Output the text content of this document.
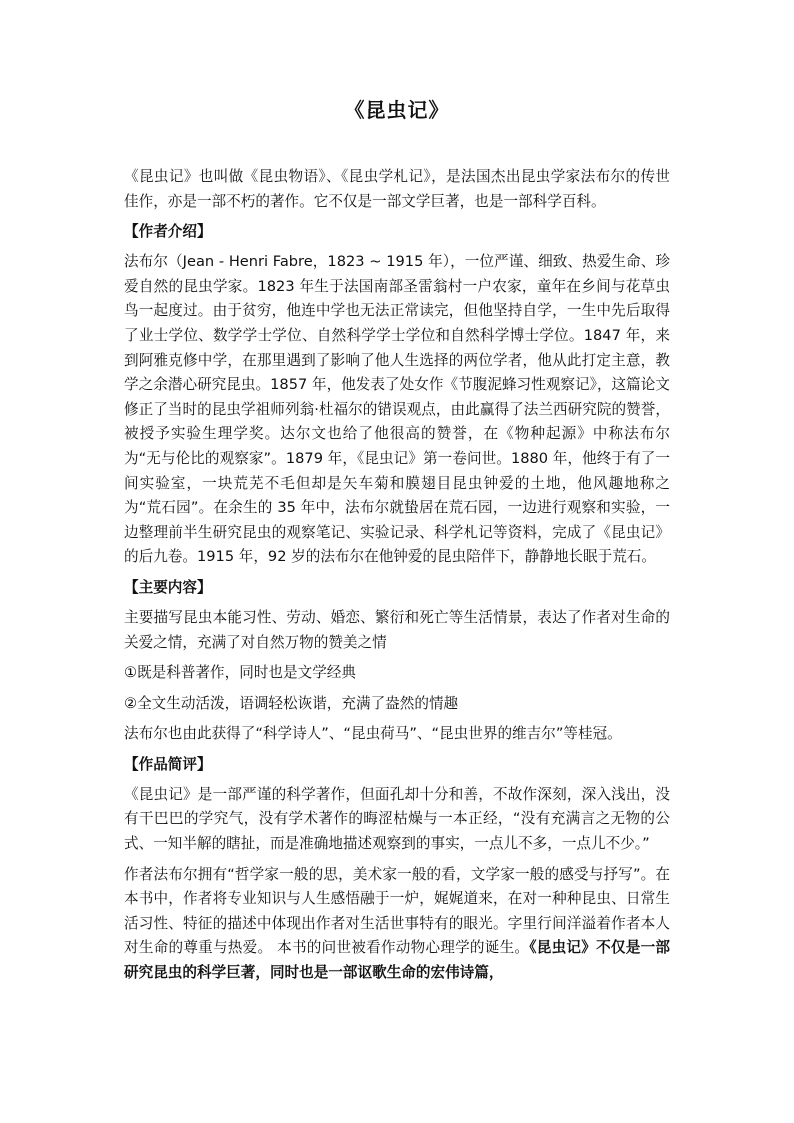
《昆虫记》

《昆虫记》也叫做《昆虫物语》、《昆虫学札记》，是法国杰出昆虫学家法布尔的传世佳作，亦是一部不朽的著作。它不仅是一部文学巨著，也是一部科学百科。

【作者介绍】

法布尔（Jean - Henri Fabre，1823 ~ 1915 年），一位严谨、细致、热爱生命、珍爱自然的昆虫学家。1823 年生于法国南部圣雷翁村一户农家，童年在乡间与花草虫鸟一起度过。由于贫穷，他连中学也无法正常读完，但他坚持自学，一生中先后取得了业士学位、数学学士学位、自然科学学士学位和自然科学博士学位。1847 年，来到阿雅克修中学，在那里遇到了影响了他人生选择的两位学者，他从此打定主意，教学之余潜心研究昆虫。1857 年，他发表了处女作《节腹泥蜂习性观察记》，这篇论文修正了当时的昆虫学祖师列翁·杜福尔的错误观点，由此赢得了法兰西研究院的赞誉，被授予实验生理学奖。达尔文也给了他很高的赞誉，在《物种起源》中称法布尔为“无与伦比的观察家”。1879 年，《昆虫记》第一卷问世。1880 年，他终于有了一间实验室，一块荒芜不毛但却是矢车菊和膜翅目昆虫钟爱的土地，他风趣地称之为“荒石园”。在余生的 35 年中，法布尔就蛰居在荒石园，一边进行观察和实验，一边整理前半生研究昆虫的观察笔记、实验记录、科学札记等资料，完成了《昆虫记》的后九卷。1915 年，92 岁的法布尔在他钟爱的昆虫陪伴下，静静地长眠于荒石。

【主要内容】

主要描写昆虫本能习性、劳动、婚恋、繁衍和死亡等生活情景，表达了作者对生命的关爱之情，充满了对自然万物的赞美之情

①既是科普著作，同时也是文学经典

②全文生动活泼，语调轻松诙谐，充满了盎然的情趣

法布尔也由此获得了“科学诗人”、“昆虫荷马”、“昆虫世界的维吉尔”等桂冠。

【作品简评】

《昆虫记》是一部严谨的科学著作，但面孔却十分和善，不故作深刻，深入浅出，没有干巴巴的学究气，没有学术著作的晦涩枯燥与一本正经，“没有充满言之无物的公式、一知半解的瞎扯，而是准确地描述观察到的事实，一点儿不多，一点儿不少。”

作者法布尔拥有“哲学家一般的思，美术家一般的看，文学家一般的感受与抒写”。在本书中，作者将专业知识与人生感悟融于一炉，娓娓道来，在对一种种昆虫、日常生活习性、特征的描述中体现出作者对生活世事特有的眼光。字里行间洋溢着作者本人对生命的尊重与热爱。 本书的问世被看作动物心理学的诞生。《昆虫记》不仅是一部研究昆虫的科学巨著，同时也是一部讴歌生命的宏伟诗篇，
